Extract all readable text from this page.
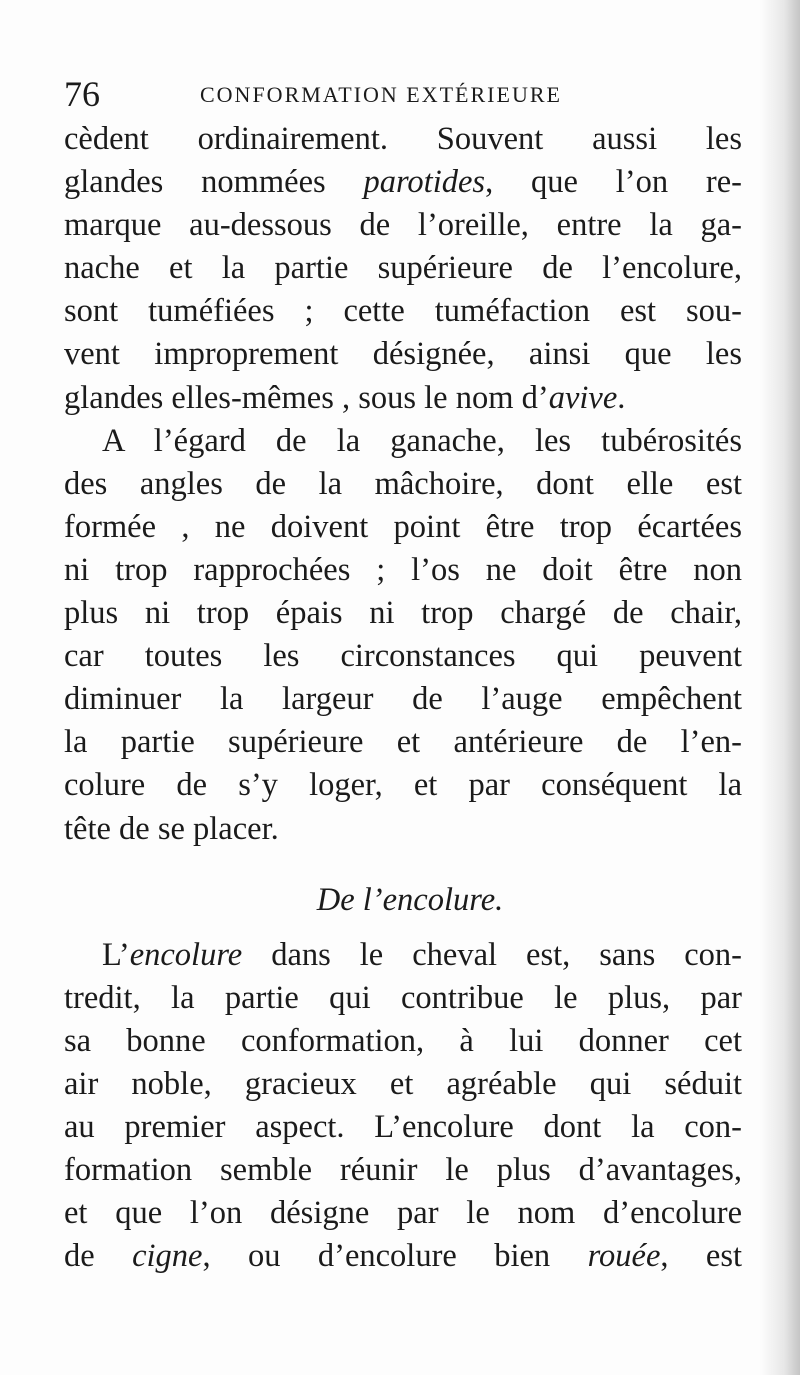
76	CONFORMATION EXTÉRIEURE
cèdent ordinairement. Souvent aussi les
glandes nommées parotides, que l’on re-
marque au-dessous de l’oreille, entre la ga-
nache et la partie supérieure de l’encolure,
sont tuméfiées ; cette tuméfaction est sou-
vent improprement désignée, ainsi que les
glandes elles-mêmes , sous le nom d’avive.
A l’égard de la ganache, les tubérosités
des angles de la mâchoire, dont elle est
formée , ne doivent point être trop écartées
ni trop rapprochées ; l’os ne doit être non
plus ni trop épais ni trop chargé de chair,
car toutes les circonstances qui peuvent
diminuer la largeur de l’auge empêchent
la partie supérieure et antérieure de l’en-
colure de s’y loger, et par conséquent la
tête de se placer.
De l’encolure.
L’encolure dans le cheval est, sans con-
tredit, la partie qui contribue le plus, par
sa bonne conformation, à lui donner cet
air noble, gracieux et agréable qui séduit
au premier aspect. L’encolure dont la con-
formation semble réunir le plus d’avantages,
et que l’on désigne par le nom d’encolure
de cigne, ou d’encolure bien rouée, est
